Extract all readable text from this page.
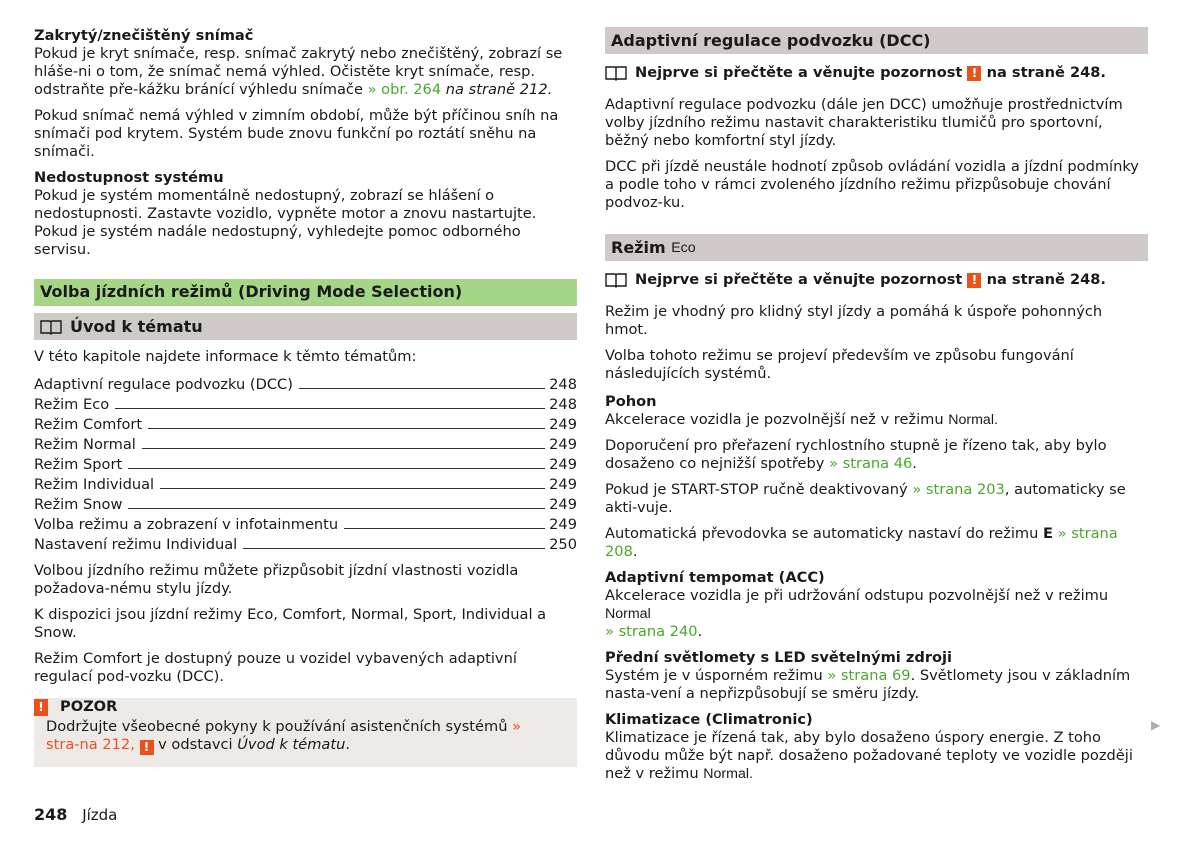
Zakrytý/znečištěný snímač

Pokud je kryt snímače, resp. snímač zakrytý nebo znečištěný, zobrazí se hláše-ni o tom, že snímač nemá výhled. Očistěte kryt snímače, resp. odstraňte pře-kážku bránící výhledu snímače » obr. 264 na straně 212.

Pokud snímač nemá výhled v zimním období, může být příčinou sníh na snímači pod krytem. Systém bude znovu funkční po roztátí sněhu na snímači.

Nedostupnost systému

Pokud je systém momentálně nedostupný, zobrazí se hlášení o nedostupnosti. Zastavte vozidlo, vypněte motor a znovu nastartujte. Pokud je systém nadále nedostupný, vyhledejte pomoc odborného servisu.

Volba jízdních režimů (Driving Mode Selection)
Úvod k tématu

V této kapitole najdete informace k těmto tématům:

Adaptivní regulace podvozku (DCC)	248
Režim Eco	248
Režim Comfort	249
Režim Normal	249
Režim Sport	249
Režim Individual	249
Režim Snow	249
Volba režimu a zobrazení v infotainmentu	249
Nastavení režimu Individual	250

Volbou jízdního režimu můžete přizpůsobit jízdní vlastnosti vozidla požadova-nému stylu jízdy.

K dispozici jsou jízdní režimy Eco, Comfort, Normal, Sport, Individual a Snow.

Režim Comfort je dostupný pouze u vozidel vybavených adaptivní regulací pod-vozku (DCC).

! POZOR
Dodržujte všeobecné pokyny k používání asistenčních systémů » stra-na 212, ! v odstavci Úvod k tématu.
Adaptivní regulace podvozku (DCC)
Nejprve si přečtěte a věnujte pozornost
!
na straně 248.

Adaptivní regulace podvozku (dále jen DCC) umožňuje prostřednictvím volby jízdního režimu nastavit charakteristiku tlumičů pro sportovní, běžný nebo komfortní styl jízdy.

DCC při jízdě neustále hodnotí způsob ovládání vozidla a jízdní podmínky a podle toho v rámci zvoleného jízdního režimu přizpůsobuje chování podvoz-ku.

Režim
Eco
Nejprve si přečtěte a věnujte pozornost
!
na straně 248.

Režim je vhodný pro klidný styl jízdy a pomáhá k úspoře pohonných hmot.

Volba tohoto režimu se projeví především ve způsobu fungování následujících systémů.

Pohon

Akcelerace vozidla je pozvolnější než v režimu Normal.

Doporučení pro přeřazení rychlostního stupně je řízeno tak, aby bylo dosaženo co nejnižší spotřeby » strana 46.

Pokud je START-STOP ručně deaktivovaný » strana 203, automaticky se akti-vuje.

Automatická převodovka se automaticky nastaví do režimu E » strana 208.

Adaptivní tempomat (ACC)

Akcelerace vozidla je při udržování odstupu pozvolnější než v režimu Normal
» strana 240.

Přední světlomety s LED světelnými zdroji

Systém je v úsporném režimu » strana 69. Světlomety jsou v základním nasta-vení a nepřizpůsobují se směru jízdy.

Klimatizace (Climatronic)

Klimatizace je řízená tak, aby bylo dosaženo úspory energie. Z toho důvodu může být např. dosaženo požadované teploty ve vozidle později než v režimu Normal.

▶
248 Jízda
